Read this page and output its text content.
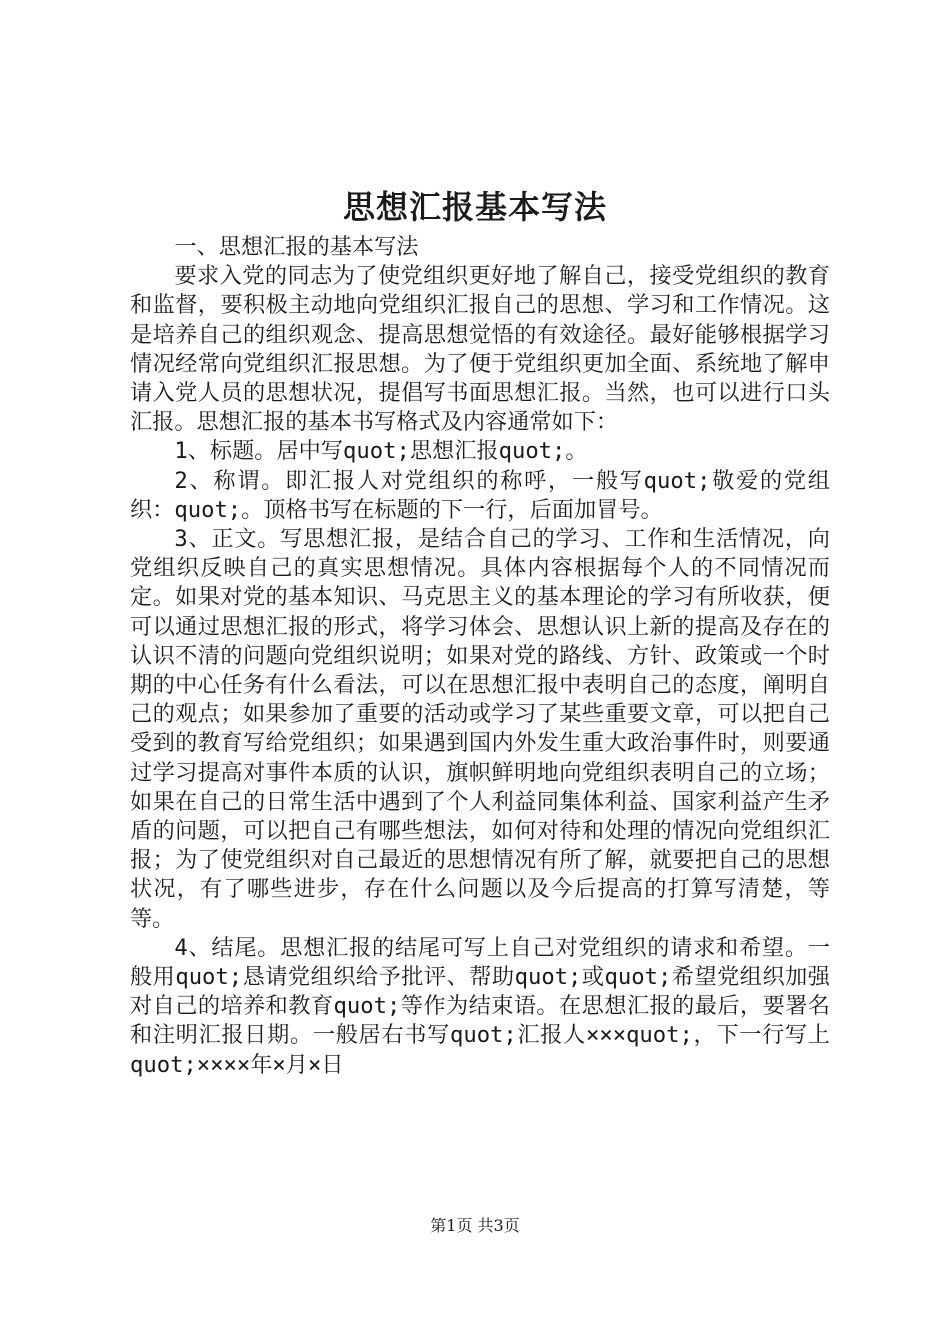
思想汇报基本写法

一、思想汇报的基本写法

要求入党的同志为了使党组织更好地了解自己，接受党组织的教育和监督，要积极主动地向党组织汇报自己的思想、学习和工作情况。这是培养自己的组织观念、提高思想觉悟的有效途径。最好能够根据学习情况经常向党组织汇报思想。为了便于党组织更加全面、系统地了解申请入党人员的思想状况，提倡写书面思想汇报。当然，也可以进行口头汇报。思想汇报的基本书写格式及内容通常如下：

1、标题。居中写quot;思想汇报quot;。

2、称谓。即汇报人对党组织的称呼，一般写quot;敬爱的党组织：quot;。顶格书写在标题的下一行，后面加冒号。

3、正文。写思想汇报，是结合自己的学习、工作和生活情况，向党组织反映自己的真实思想情况。具体内容根据每个人的不同情况而定。如果对党的基本知识、马克思主义的基本理论的学习有所收获，便可以通过思想汇报的形式，将学习体会、思想认识上新的提高及存在的认识不清的问题向党组织说明；如果对党的路线、方针、政策或一个时期的中心任务有什么看法，可以在思想汇报中表明自己的态度，阐明自己的观点；如果参加了重要的活动或学习了某些重要文章，可以把自己受到的教育写给党组织；如果遇到国内外发生重大政治事件时，则要通过学习提高对事件本质的认识，旗帜鲜明地向党组织表明自己的立场；如果在自己的日常生活中遇到了个人利益同集体利益、国家利益产生矛盾的问题，可以把自己有哪些想法，如何对待和处理的情况向党组织汇报；为了使党组织对自己最近的思想情况有所了解，就要把自己的思想状况，有了哪些进步，存在什么问题以及今后提高的打算写清楚，等等。

4、结尾。思想汇报的结尾可写上自己对党组织的请求和希望。一般用quot;恳请党组织给予批评、帮助quot;或quot;希望党组织加强对自己的培养和教育quot;等作为结束语。在思想汇报的最后，要署名和注明汇报日期。一般居右书写quot;汇报人×××quot;，下一行写上quot;××××年×月×日

第1页 共3页
